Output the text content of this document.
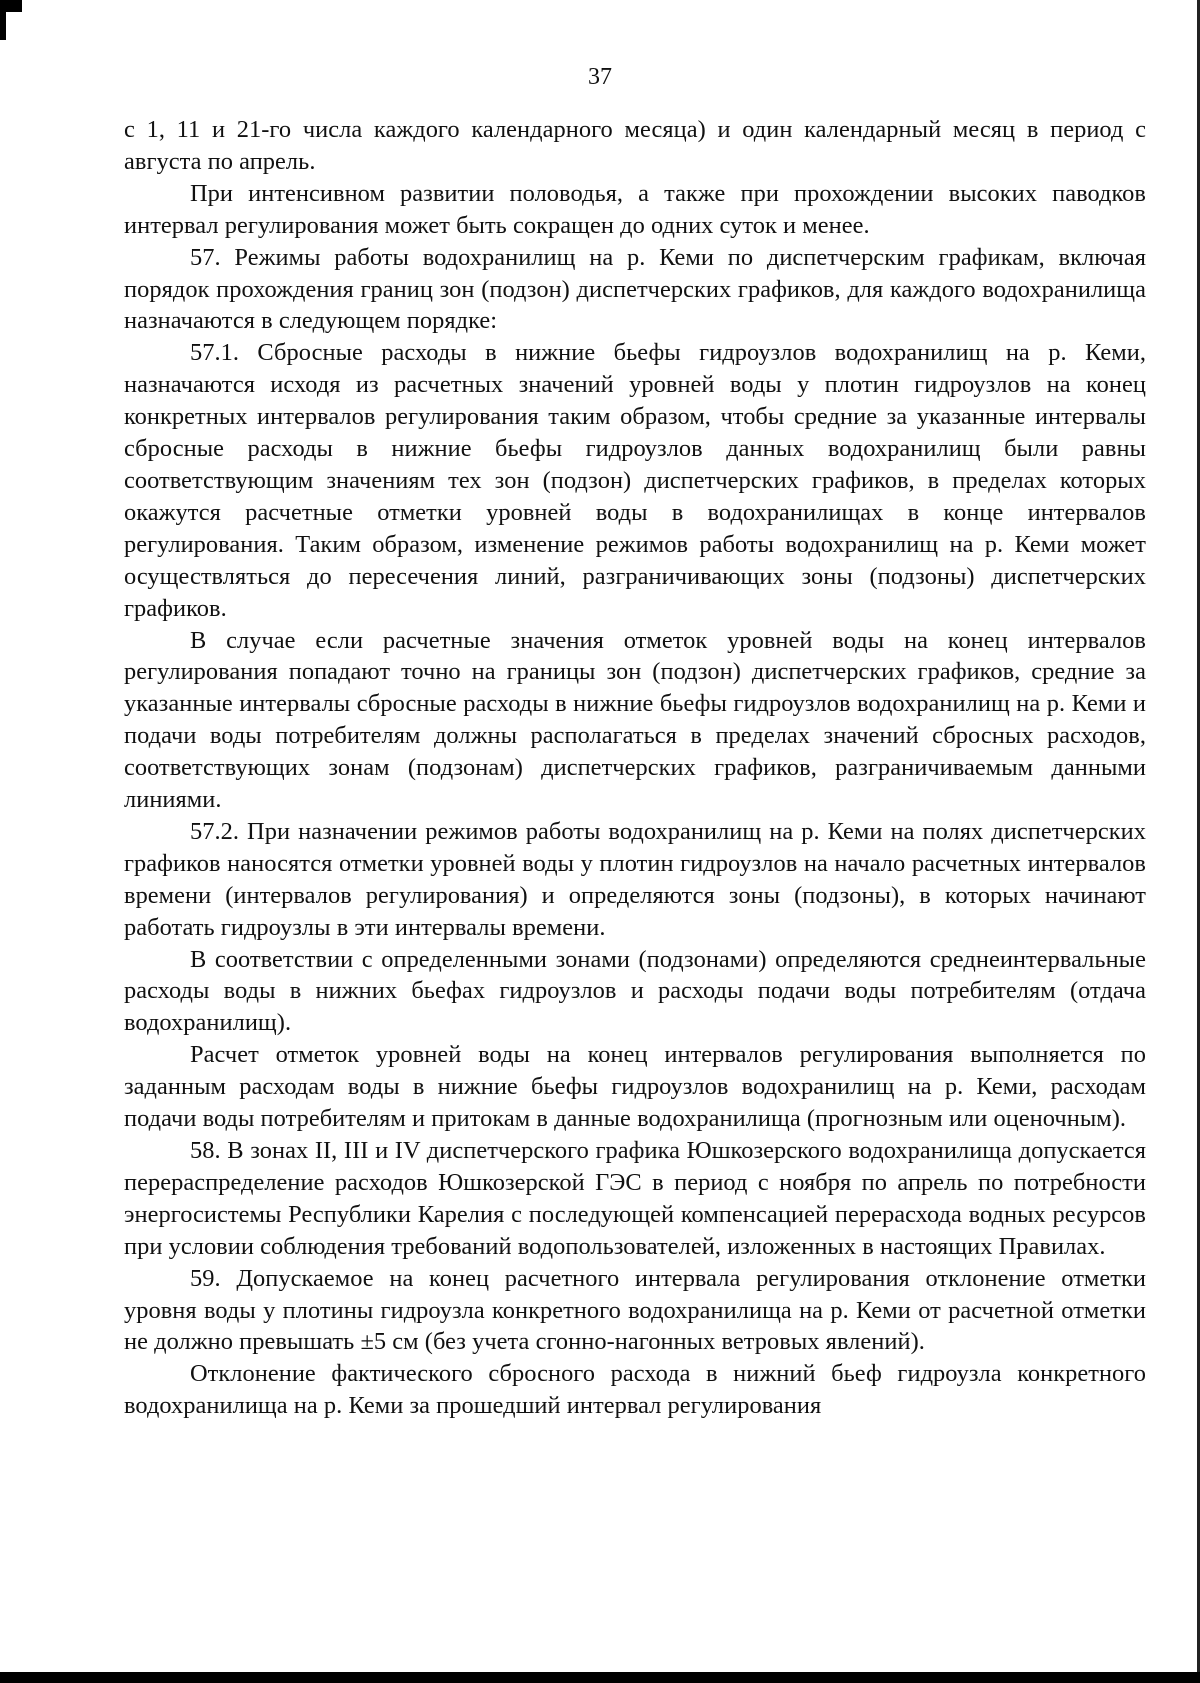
37

с 1, 11 и 21-го числа каждого календарного месяца) и один календарный месяц в период с августа по апрель.

При интенсивном развитии половодья, а также при прохождении высоких паводков интервал регулирования может быть сокращен до одних суток и менее.

57. Режимы работы водохранилищ на р. Кеми по диспетчерским графикам, включая порядок прохождения границ зон (подзон) диспетчерских графиков, для каждого водохранилища назначаются в следующем порядке:

57.1. Сбросные расходы в нижние бьефы гидроузлов водохранилищ на р. Кеми, назначаются исходя из расчетных значений уровней воды у плотин гидроузлов на конец конкретных интервалов регулирования таким образом, чтобы средние за указанные интервалы сбросные расходы в нижние бьефы гидроузлов данных водохранилищ были равны соответствующим значениям тех зон (подзон) диспетчерских графиков, в пределах которых окажутся расчетные отметки уровней воды в водохранилищах в конце интервалов регулирования. Таким образом, изменение режимов работы водохранилищ на р. Кеми может осуществляться до пересечения линий, разграничивающих зоны (подзоны) диспетчерских графиков.

В случае если расчетные значения отметок уровней воды на конец интервалов регулирования попадают точно на границы зон (подзон) диспетчерских графиков, средние за указанные интервалы сбросные расходы в нижние бьефы гидроузлов водохранилищ на р. Кеми и подачи воды потребителям должны располагаться в пределах значений сбросных расходов, соответствующих зонам (подзонам) диспетчерских графиков, разграничиваемым данными линиями.

57.2. При назначении режимов работы водохранилищ на р. Кеми на полях диспетчерских графиков наносятся отметки уровней воды у плотин гидроузлов на начало расчетных интервалов времени (интервалов регулирования) и определяются зоны (подзоны), в которых начинают работать гидроузлы в эти интервалы времени.

В соответствии с определенными зонами (подзонами) определяются среднеинтервальные расходы воды в нижних бьефах гидроузлов и расходы подачи воды потребителям (отдача водохранилищ).

Расчет отметок уровней воды на конец интервалов регулирования выполняется по заданным расходам воды в нижние бьефы гидроузлов водохранилищ на р. Кеми, расходам подачи воды потребителям и притокам в данные водохранилища (прогнозным или оценочным).

58. В зонах II, III и IV диспетчерского графика Юшкозерского водохранилища допускается перераспределение расходов Юшкозерской ГЭС в период с ноября по апрель по потребности энергосистемы Республики Карелия с последующей компенсацией перерасхода водных ресурсов при условии соблюдения требований водопользователей, изложенных в настоящих Правилах.

59. Допускаемое на конец расчетного интервала регулирования отклонение отметки уровня воды у плотины гидроузла конкретного водохранилища на р. Кеми от расчетной отметки не должно превышать ±5 см (без учета сгонно-нагонных ветровых явлений).

Отклонение фактического сбросного расхода в нижний бьеф гидроузла конкретного водохранилища на р. Кеми за прошедший интервал регулирования
